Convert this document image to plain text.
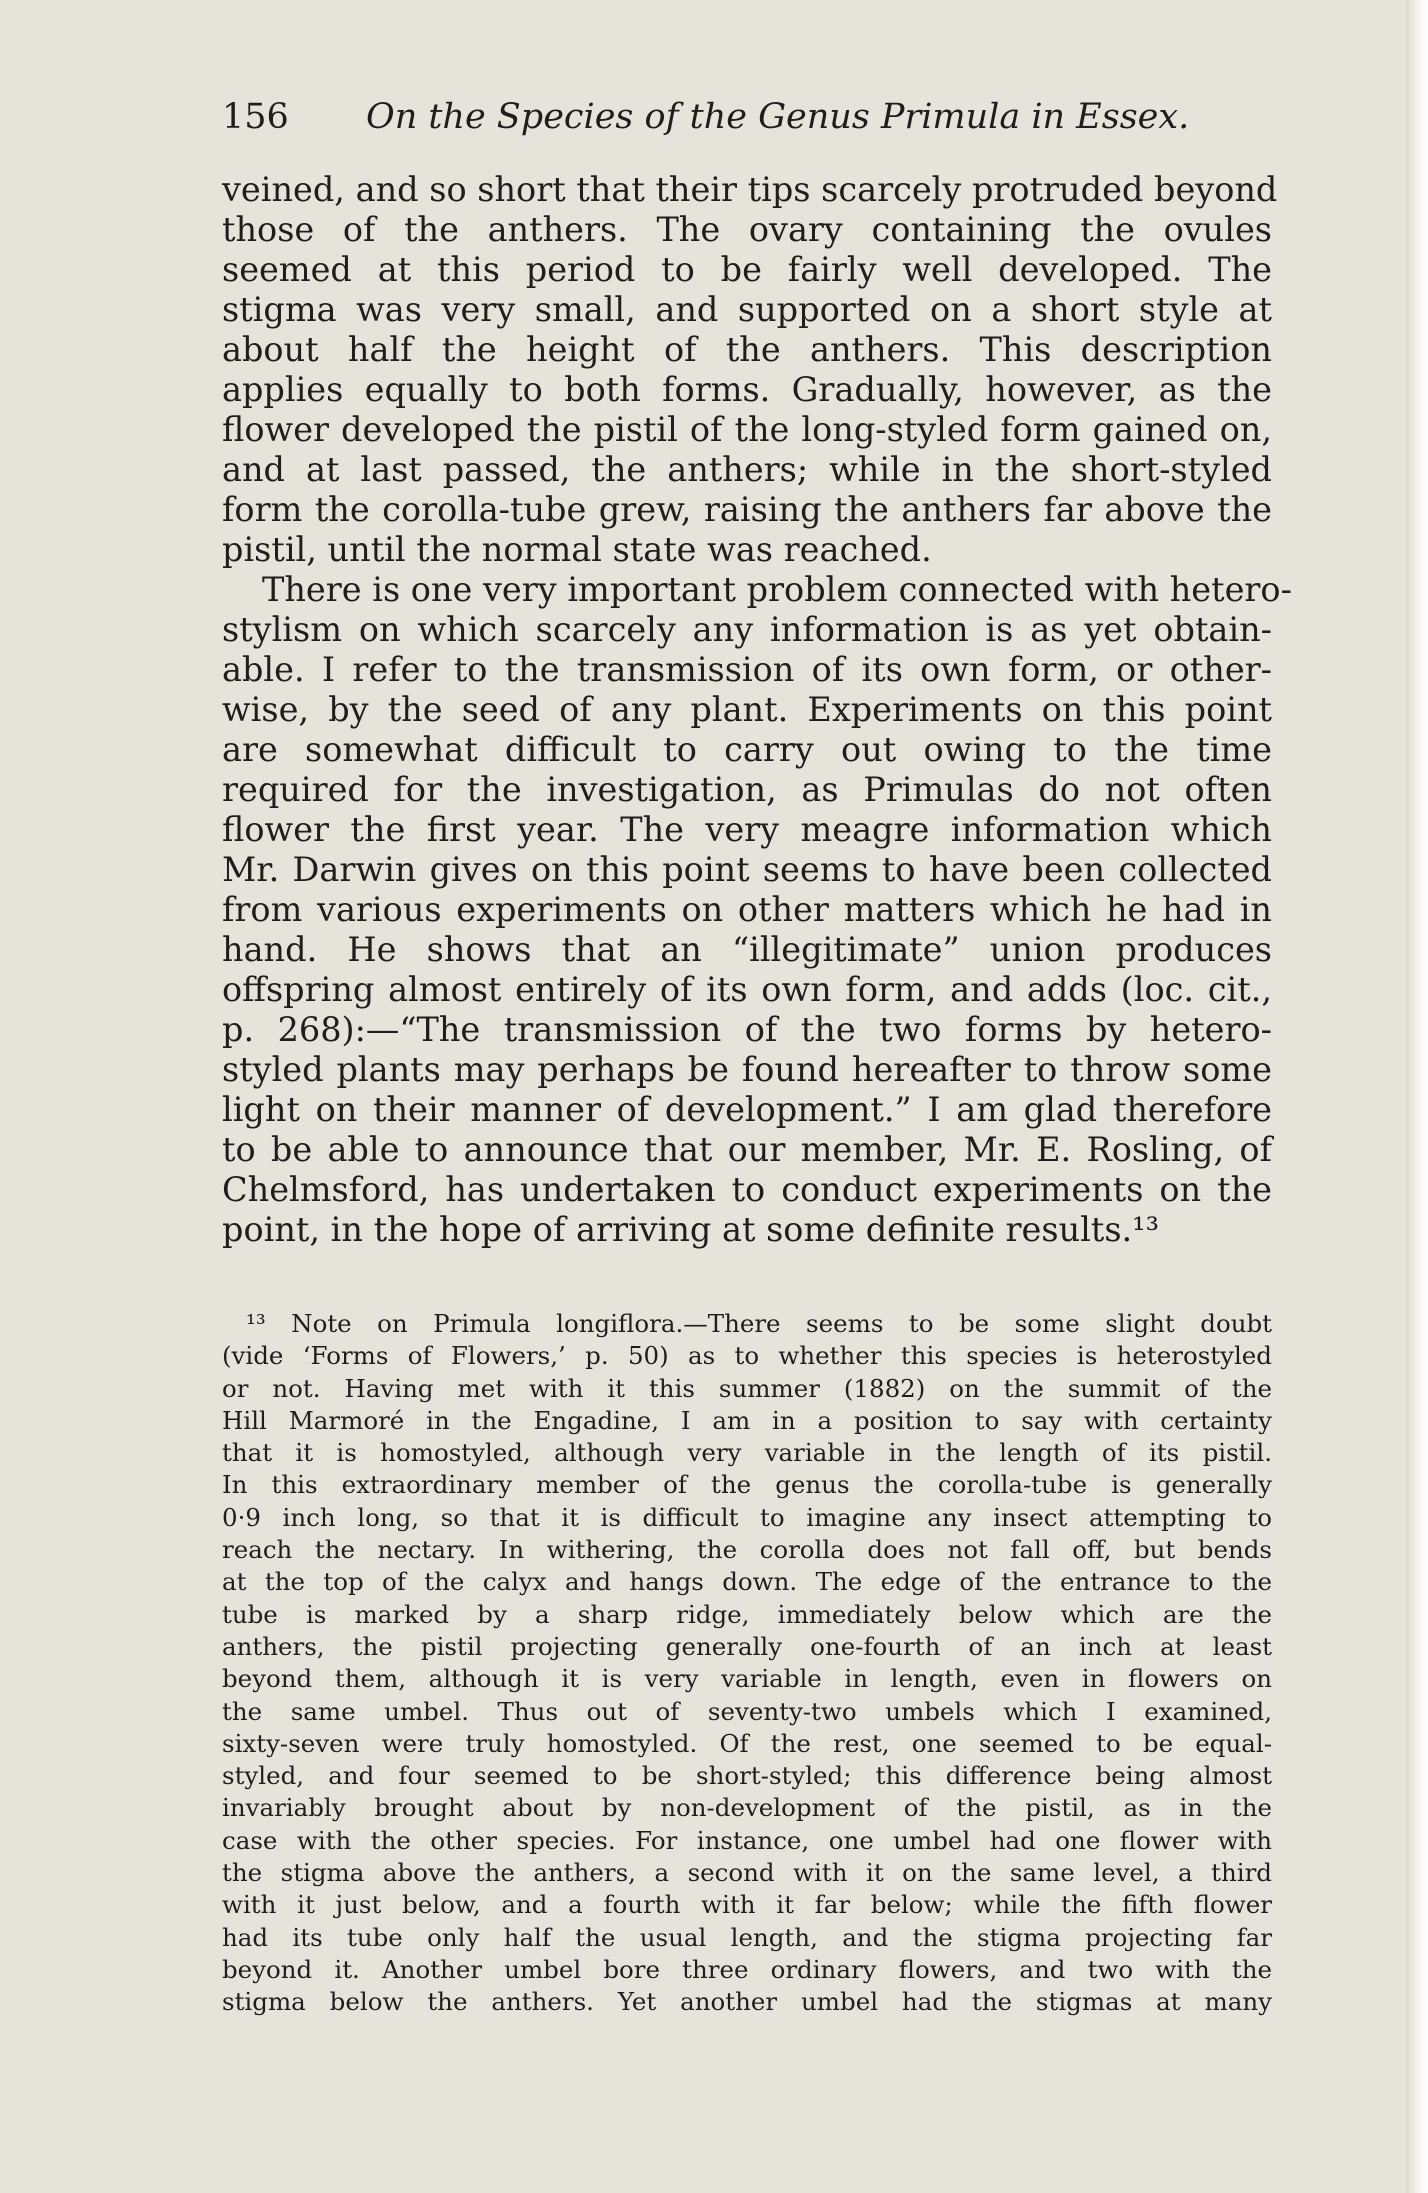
156 On the Species of the Genus Primula in Essex.
veined, and so short that their tips scarcely protruded beyond
those of the anthers. The ovary containing the ovules
seemed at this period to be fairly well developed. The
stigma was very small, and supported on a short style at
about half the height of the anthers. This description
applies equally to both forms. Gradually, however, as the
flower developed the pistil of the long-styled form gained on,
and at last passed, the anthers; while in the short-styled
form the corolla-tube grew, raising the anthers far above the
pistil, until the normal state was reached.
There is one very important problem connected with hetero-
stylism on which scarcely any information is as yet obtain-
able. I refer to the transmission of its own form, or other-
wise, by the seed of any plant. Experiments on this point
are somewhat difficult to carry out owing to the time
required for the investigation, as Primulas do not often
flower the first year. The very meagre information which
Mr. Darwin gives on this point seems to have been collected
from various experiments on other matters which he had in
hand. He shows that an “illegitimate” union produces
offspring almost entirely of its own form, and adds (loc. cit.,
p. 268):—“The transmission of the two forms by hetero-
styled plants may perhaps be found hereafter to throw some
light on their manner of development.” I am glad therefore
to be able to announce that our member, Mr. E. Rosling, of
Chelmsford, has undertaken to conduct experiments on the
point, in the hope of arriving at some definite results.¹³
¹³ Note on Primula longiflora.—There seems to be some slight doubt
(vide ‘Forms of Flowers,’ p. 50) as to whether this species is heterostyled
or not. Having met with it this summer (1882) on the summit of the
Hill Marmoré in the Engadine, I am in a position to say with certainty
that it is homostyled, although very variable in the length of its pistil.
In this extraordinary member of the genus the corolla-tube is generally
0·9 inch long, so that it is difficult to imagine any insect attempting to
reach the nectary. In withering, the corolla does not fall off, but bends
at the top of the calyx and hangs down. The edge of the entrance to the
tube is marked by a sharp ridge, immediately below which are the
anthers, the pistil projecting generally one-fourth of an inch at least
beyond them, although it is very variable in length, even in flowers on
the same umbel. Thus out of seventy-two umbels which I examined,
sixty-seven were truly homostyled. Of the rest, one seemed to be equal-
styled, and four seemed to be short-styled; this difference being almost
invariably brought about by non-development of the pistil, as in the
case with the other species. For instance, one umbel had one flower with
the stigma above the anthers, a second with it on the same level, a third
with it just below, and a fourth with it far below; while the fifth flower
had its tube only half the usual length, and the stigma projecting far
beyond it. Another umbel bore three ordinary flowers, and two with the
stigma below the anthers. Yet another umbel had the stigmas at many
